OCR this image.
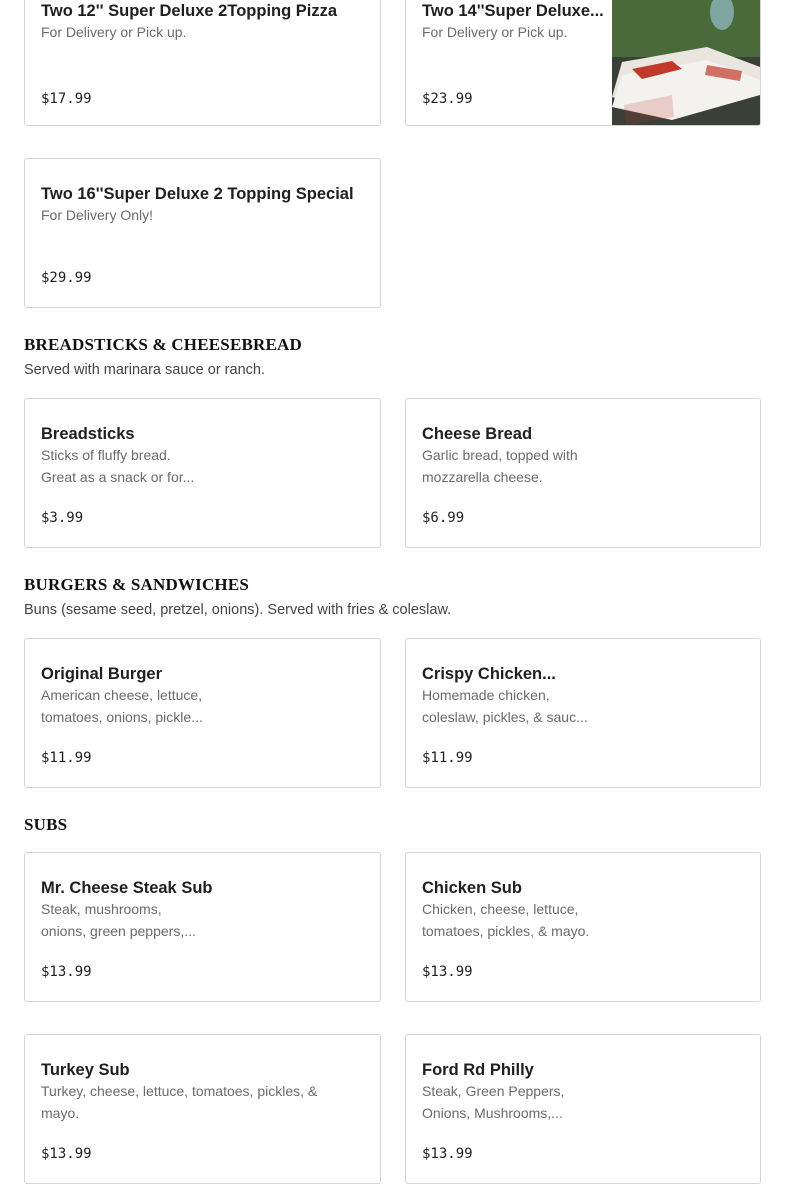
Two 12'' Super Deluxe 2Topping Pizza
For Delivery or Pick up.
$17.99
Two 14''Super Deluxe...
For Delivery or Pick up.
$23.99
Two 16''Super Deluxe 2 Topping Special
For Delivery Only!
$29.99
BREADSTICKS & CHEESEBREAD
Served with marinara sauce or ranch.
Breadsticks
Sticks of fluffy bread.
Great as a snack or for...
$3.99
Cheese Bread
Garlic bread, topped with
mozzarella cheese.
$6.99
BURGERS & SANDWICHES
Buns (sesame seed, pretzel, onions). Served with fries & coleslaw.
Original Burger
American cheese, lettuce,
tomatoes, onions, pickle...
$11.99
Crispy Chicken...
Homemade chicken,
coleslaw, pickles, & sauc...
$11.99
SUBS
Mr. Cheese Steak Sub
Steak, mushrooms,
onions, green peppers,...
$13.99
Chicken Sub
Chicken, cheese, lettuce,
tomatoes, pickles, & mayo.
$13.99
Turkey Sub
Turkey, cheese, lettuce, tomatoes, pickles, &
mayo.
$13.99
Ford Rd Philly
Steak, Green Peppers,
Onions, Mushrooms,...
$13.99
